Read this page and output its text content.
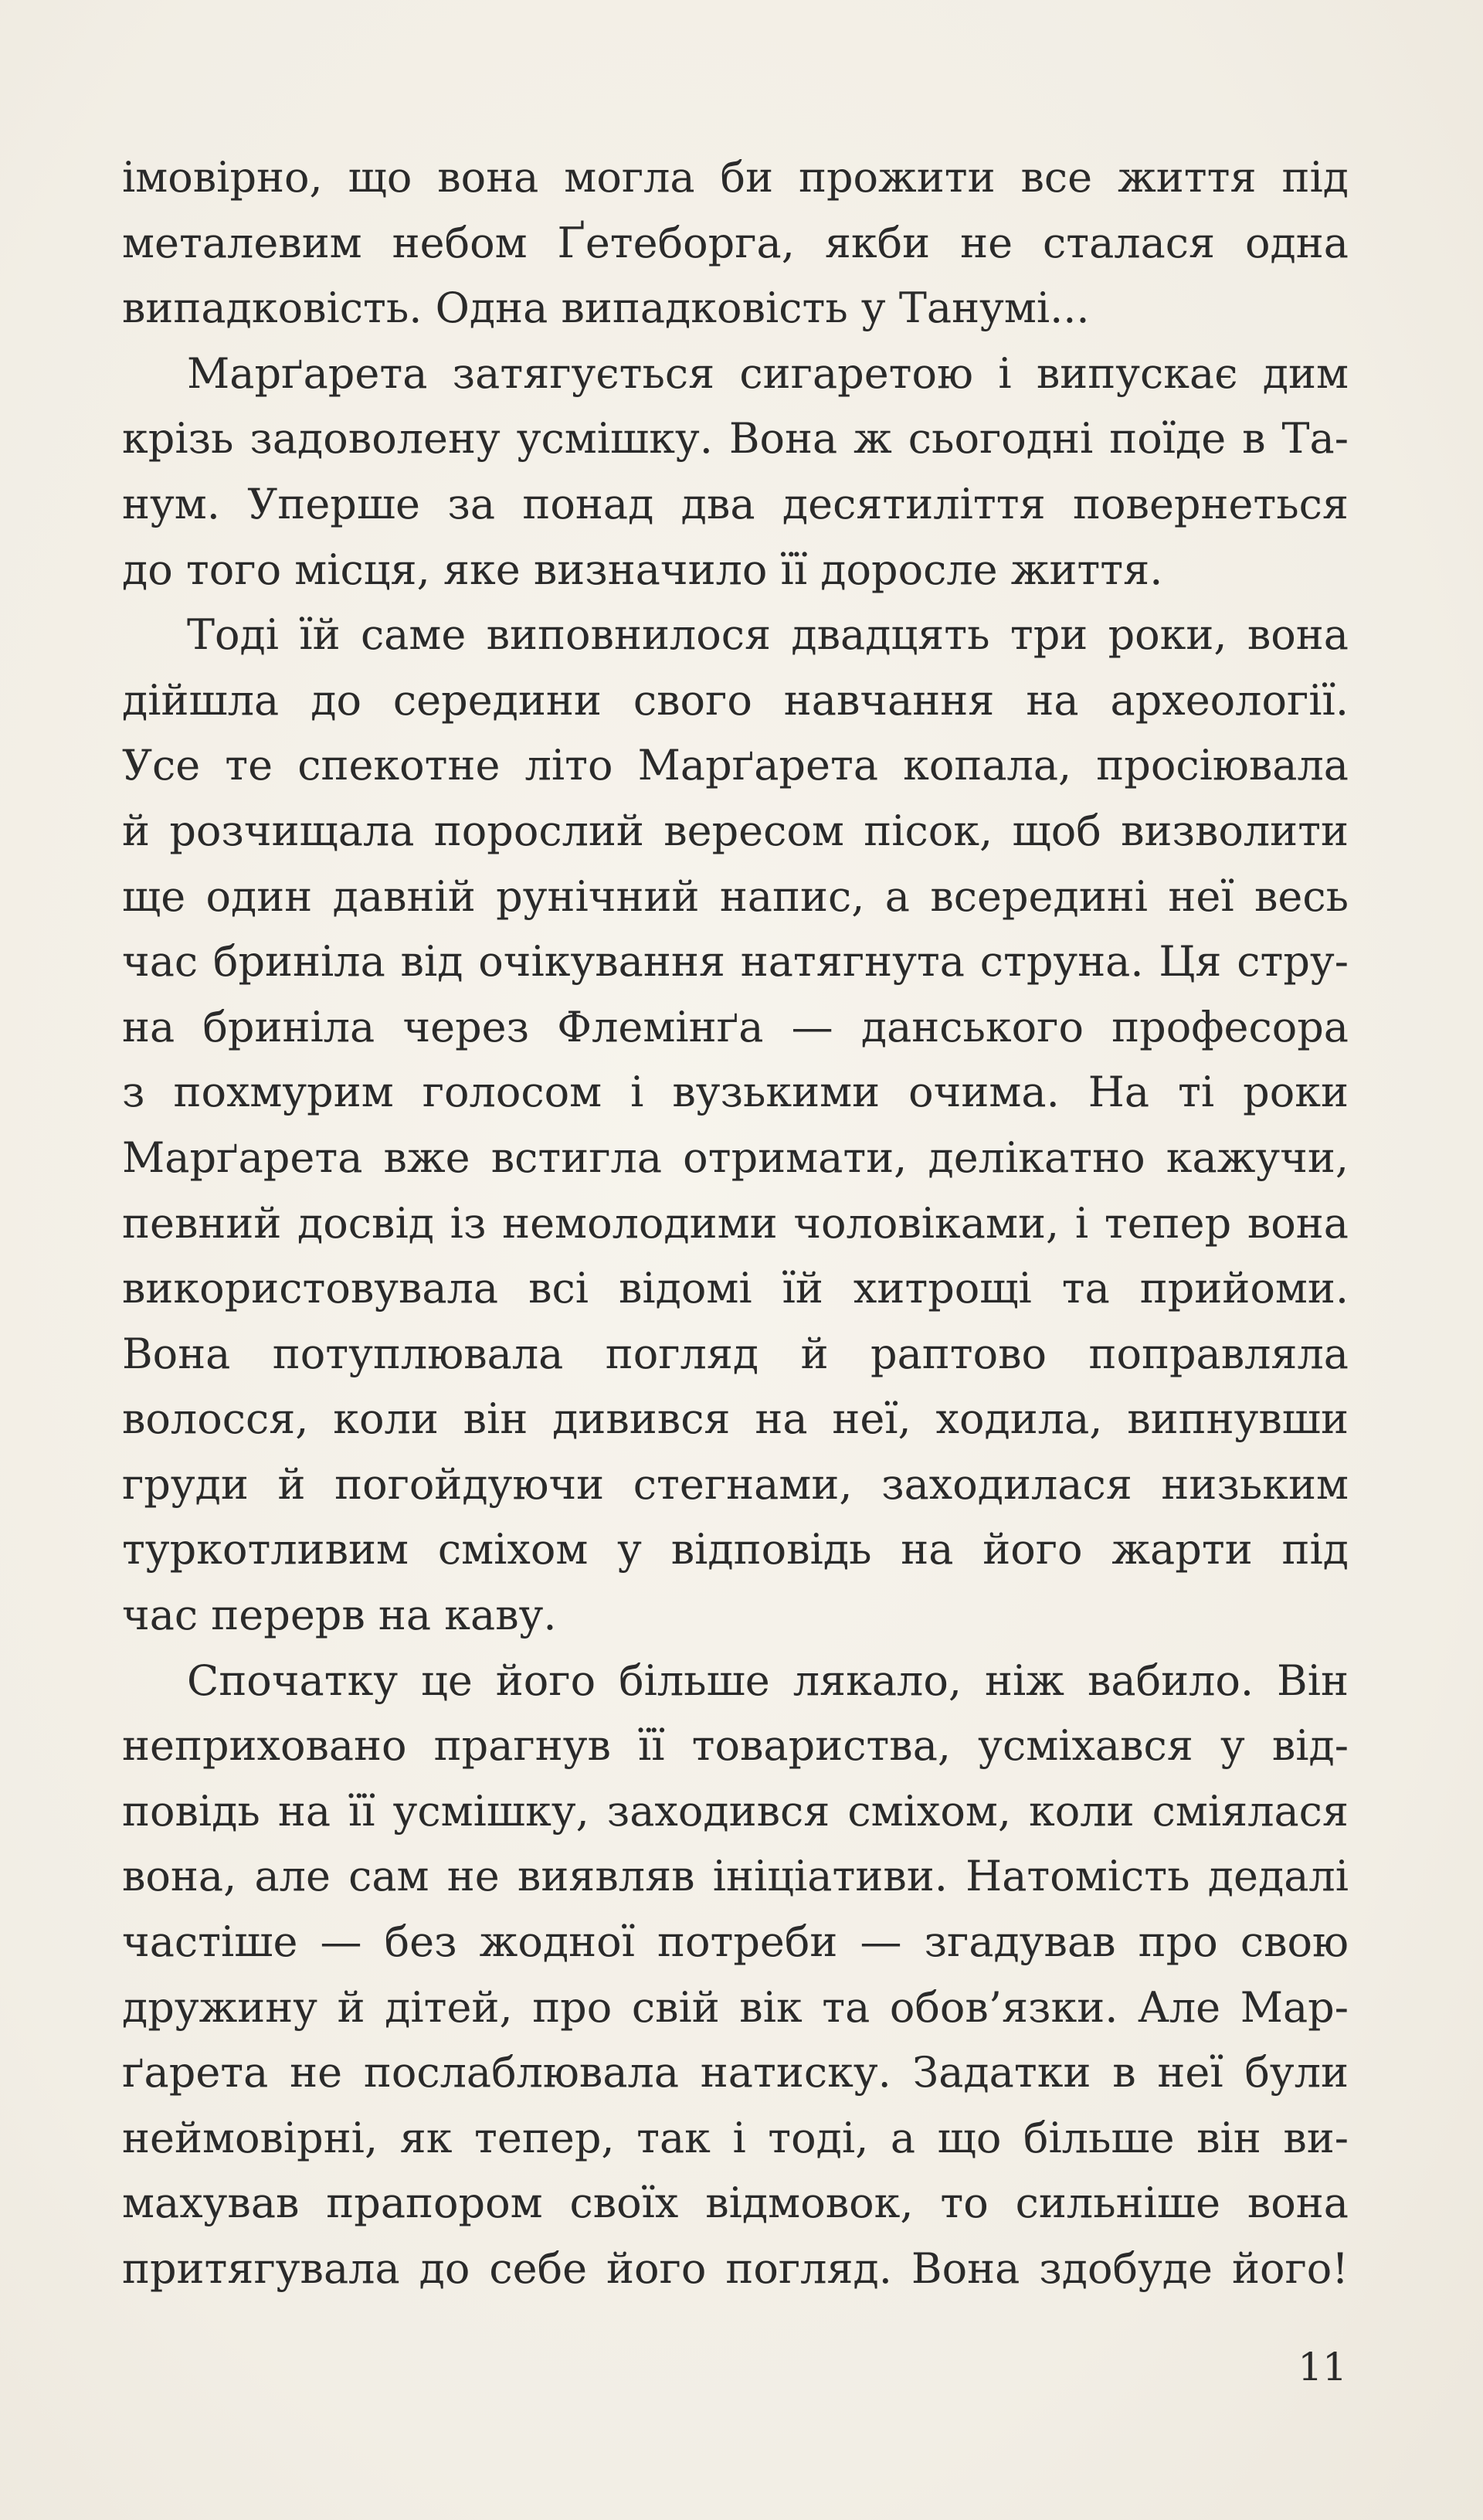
імовірно, що вона могла би прожити все життя під
металевим небом Ґетеборга, якби не сталася одна
випадковість. Одна випадковість у Танумі...
Марґарета затягується сигаретою і випускає дим
крізь задоволену усмішку. Вона ж сьогодні поїде в Та-
нум. Уперше за понад два десятиліття повернеться
до того місця, яке визначило її доросле життя.
Тоді їй саме виповнилося двадцять три роки, вона
дійшла до середини свого навчання на археології.
Усе те спекотне літо Марґарета копала, просіювала
й розчищала порослий вересом пісок, щоб визволити
ще один давній рунічний напис, а всередині неї весь
час бриніла від очікування натягнута струна. Ця стру-
на бриніла через Флемінґа — данського професора
з похмурим голосом і вузькими очима. На ті роки
Марґарета вже встигла отримати, делікатно кажучи,
певний досвід із немолодими чоловіками, і тепер вона
використовувала всі відомі їй хитрощі та прийоми.
Вона потуплювала погляд й раптово поправляла
волосся, коли він дивився на неї, ходила, випнувши
груди й погойдуючи стегнами, заходилася низьким
туркотливим сміхом у відповідь на його жарти під
час перерв на каву.
Спочатку це його більше лякало, ніж вабило. Він
неприховано прагнув її товариства, усміхався у від-
повідь на її усмішку, заходився сміхом, коли сміялася
вона, але сам не виявляв ініціативи. Натомість дедалі
частіше — без жодної потреби — згадував про свою
дружину й дітей, про свій вік та обов’язки. Але Мар-
ґарета не послаблювала натиску. Задатки в неї були
неймовірні, як тепер, так і тоді, а що більше він ви-
махував прапором своїх відмовок, то сильніше вона
притягувала до себе його погляд. Вона здобуде його!
11
